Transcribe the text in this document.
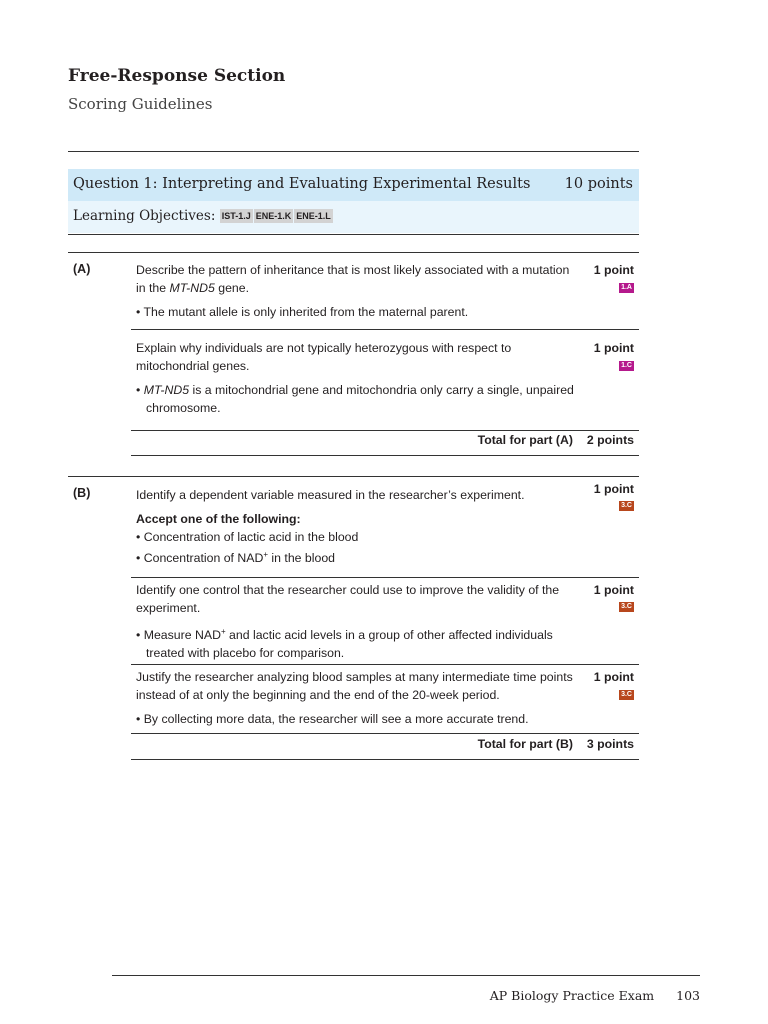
Free-Response Section
Scoring Guidelines
Question 1: Interpreting and Evaluating Experimental Results 10 points
Learning Objectives: IST-1.J ENE-1.K ENE-1.L
(A)	Describe the pattern of inheritance that is most likely associated with a mutation in the MT-ND5 gene.

• The mutant allele is only inherited from the maternal parent.

1 point
1.A

Explain why individuals are not typically heterozygous with respect to mitochondrial genes.

• MT-ND5 is a mitochondrial gene and mitochondria only carry a single, unpaired chromosome.

1 point
1.C
Total for part (A) 2 points
(B)	Identify a dependent variable measured in the researcher’s experiment.

Accept one of the following:

• Concentration of lactic acid in the blood

• Concentration of NAD+ in the blood

1 point
3.C

Identify one control that the researcher could use to improve the validity of the experiment.

• Measure NAD+ and lactic acid levels in a group of other affected individuals treated with placebo for comparison.

1 point
3.C

Justify the researcher analyzing blood samples at many intermediate time points instead of at only the beginning and the end of the 20-week period.

• By collecting more data, the researcher will see a more accurate trend.

1 point
3.C
Total for part (B) 3 points
AP Biology Practice Exam 103
